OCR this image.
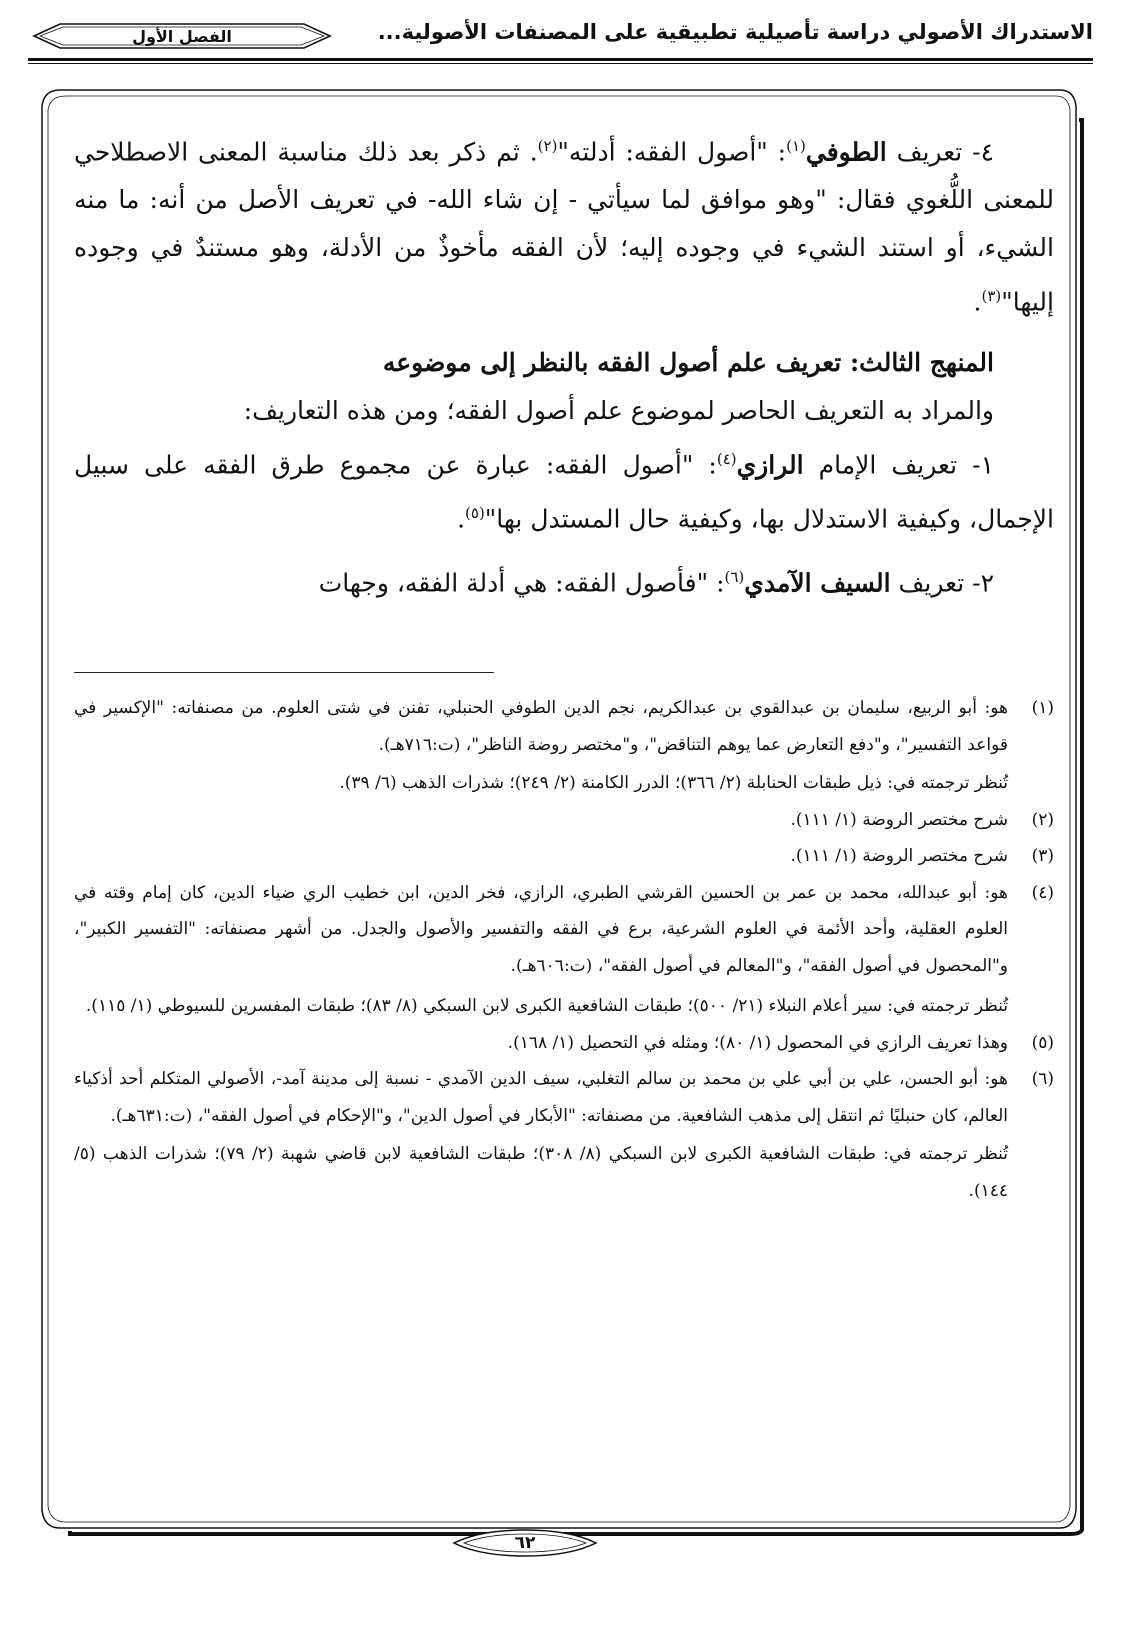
الاستدراك الأصولي دراسة تأصيلية تطبيقية على المصنفات الأصولية...
الفصل الأول

٤- تعريف الطوفي$^{(١)}$: "أصول الفقه: أدلته"$^{(٢)}$. ثم ذكر بعد ذلك مناسبة المعنى الاصطلاحي للمعنى اللُّغوي فقال: "وهو موافق لما سيأتي - إن شاء الله- في تعريف الأصل من أنه: ما منه الشيء، أو استند الشيء في وجوده إليه؛ لأن الفقه مأخوذٌ من الأدلة، وهو مستندٌ في وجوده إليها"$^{(٣)}$.

المنهج الثالث: تعريف علم أصول الفقه بالنظر إلى موضوعه

والمراد به التعريف الحاصر لموضوع علم أصول الفقه؛ ومن هذه التعاريف:

١- تعريف الإمام الرازي$^{(٤)}$: "أصول الفقه: عبارة عن مجموع طرق الفقه على سبيل الإجمال، وكيفية الاستدلال بها، وكيفية حال المستدل بها"$^{(٥)}$.

٢- تعريف السيف الآمدي$^{(٦)}$: "فأصول الفقه: هي أدلة الفقه، وجهات

(١)

هو: أبو الربيع، سليمان بن عبدالقوي بن عبدالكريم، نجم الدين الطوفي الحنبلي، تفنن في شتى العلوم. من مصنفاته: "الإكسير في قواعد التفسير"، و"دفع التعارض عما يوهم التناقض"، و"مختصر روضة الناظر"، (ت:٧١٦هـ).

تُنظر ترجمته في: ذيل طبقات الحنابلة (٢/ ٣٦٦)؛ الدرر الكامنة (٢/ ٢٤٩)؛ شذرات الذهب (٦/ ٣٩).

(٢)
شرح مختصر الروضة (١/ ١١١).
(٣)
شرح مختصر الروضة (١/ ١١١).
(٤)

هو: أبو عبدالله، محمد بن عمر بن الحسين القرشي الطبري، الرازي، فخر الدين، ابن خطيب الري ضياء الدين، كان إمام وقته في العلوم العقلية، وأحد الأئمة في العلوم الشرعية، برع في الفقه والتفسير والأصول والجدل. من أشهر مصنفاته: "التفسير الكبير"، و"المحصول في أصول الفقه"، و"المعالم في أصول الفقه"، (ت:٦٠٦هـ).

تُنظر ترجمته في: سير أعلام النبلاء (٢١/ ٥٠٠)؛ طبقات الشافعية الكبرى لابن السبكي (٨/ ٨٣)؛ طبقات المفسرين للسيوطي (١/ ١١٥).

(٥)
وهذا تعريف الرازي في المحصول (١/ ٨٠)؛ ومثله في التحصيل (١/ ١٦٨).
(٦)

هو: أبو الحسن، علي بن أبي علي بن محمد بن سالم التغلبي، سيف الدين الآمدي - نسبة إلى مدينة آمد-، الأصولي المتكلم أحد أذكياء العالم، كان حنبليًا ثم انتقل إلى مذهب الشافعية. من مصنفاته: "الأبكار في أصول الدين"، و"الإحكام في أصول الفقه"، (ت:٦٣١هـ).

تُنظر ترجمته في: طبقات الشافعية الكبرى لابن السبكي (٨/ ٣٠٨)؛ طبقات الشافعية لابن قاضي شهبة (٢/ ٧٩)؛ شذرات الذهب (٥/ ١٤٤).

٦٢
